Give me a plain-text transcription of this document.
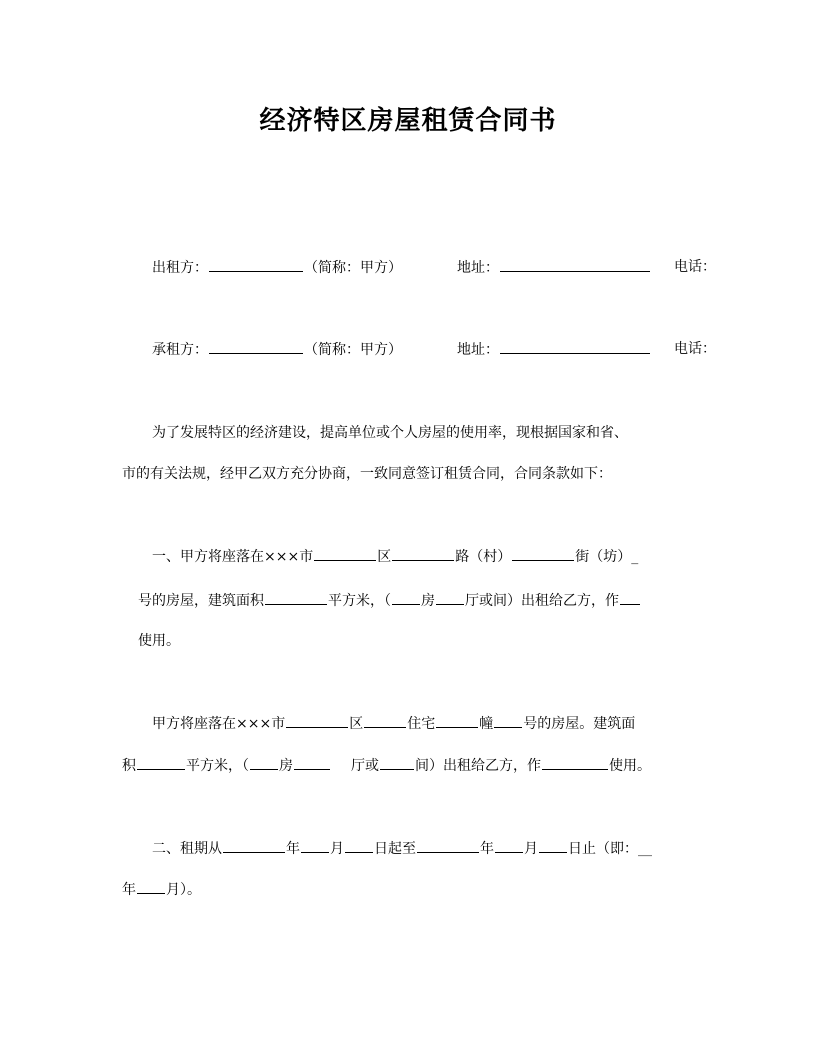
经济特区房屋租赁合同书
出租方：	（简称：甲方）	地址：	电话：
承租方：	（简称：甲方）	地址：	电话：
为了发展特区的经济建设，提高单位或个人房屋的使用率，现根据国家和省、
市的有关法规，经甲乙双方充分协商，一致同意签订租赁合同，合同条款如下：
一、甲方将座落在×××市	区	路（村）	街（坊）_
号的房屋，建筑面积	平方米，（ 房 厅或间）出租给乙方，作
使用。
甲方将座落在×××市	区	住宅	幢 号的房屋。建筑面
积	平方米，（ 房	厅或	间）出租给乙方，作	使用。
二、租期从	年 月 日起至	年 月 日止（即：__
年 月）。
